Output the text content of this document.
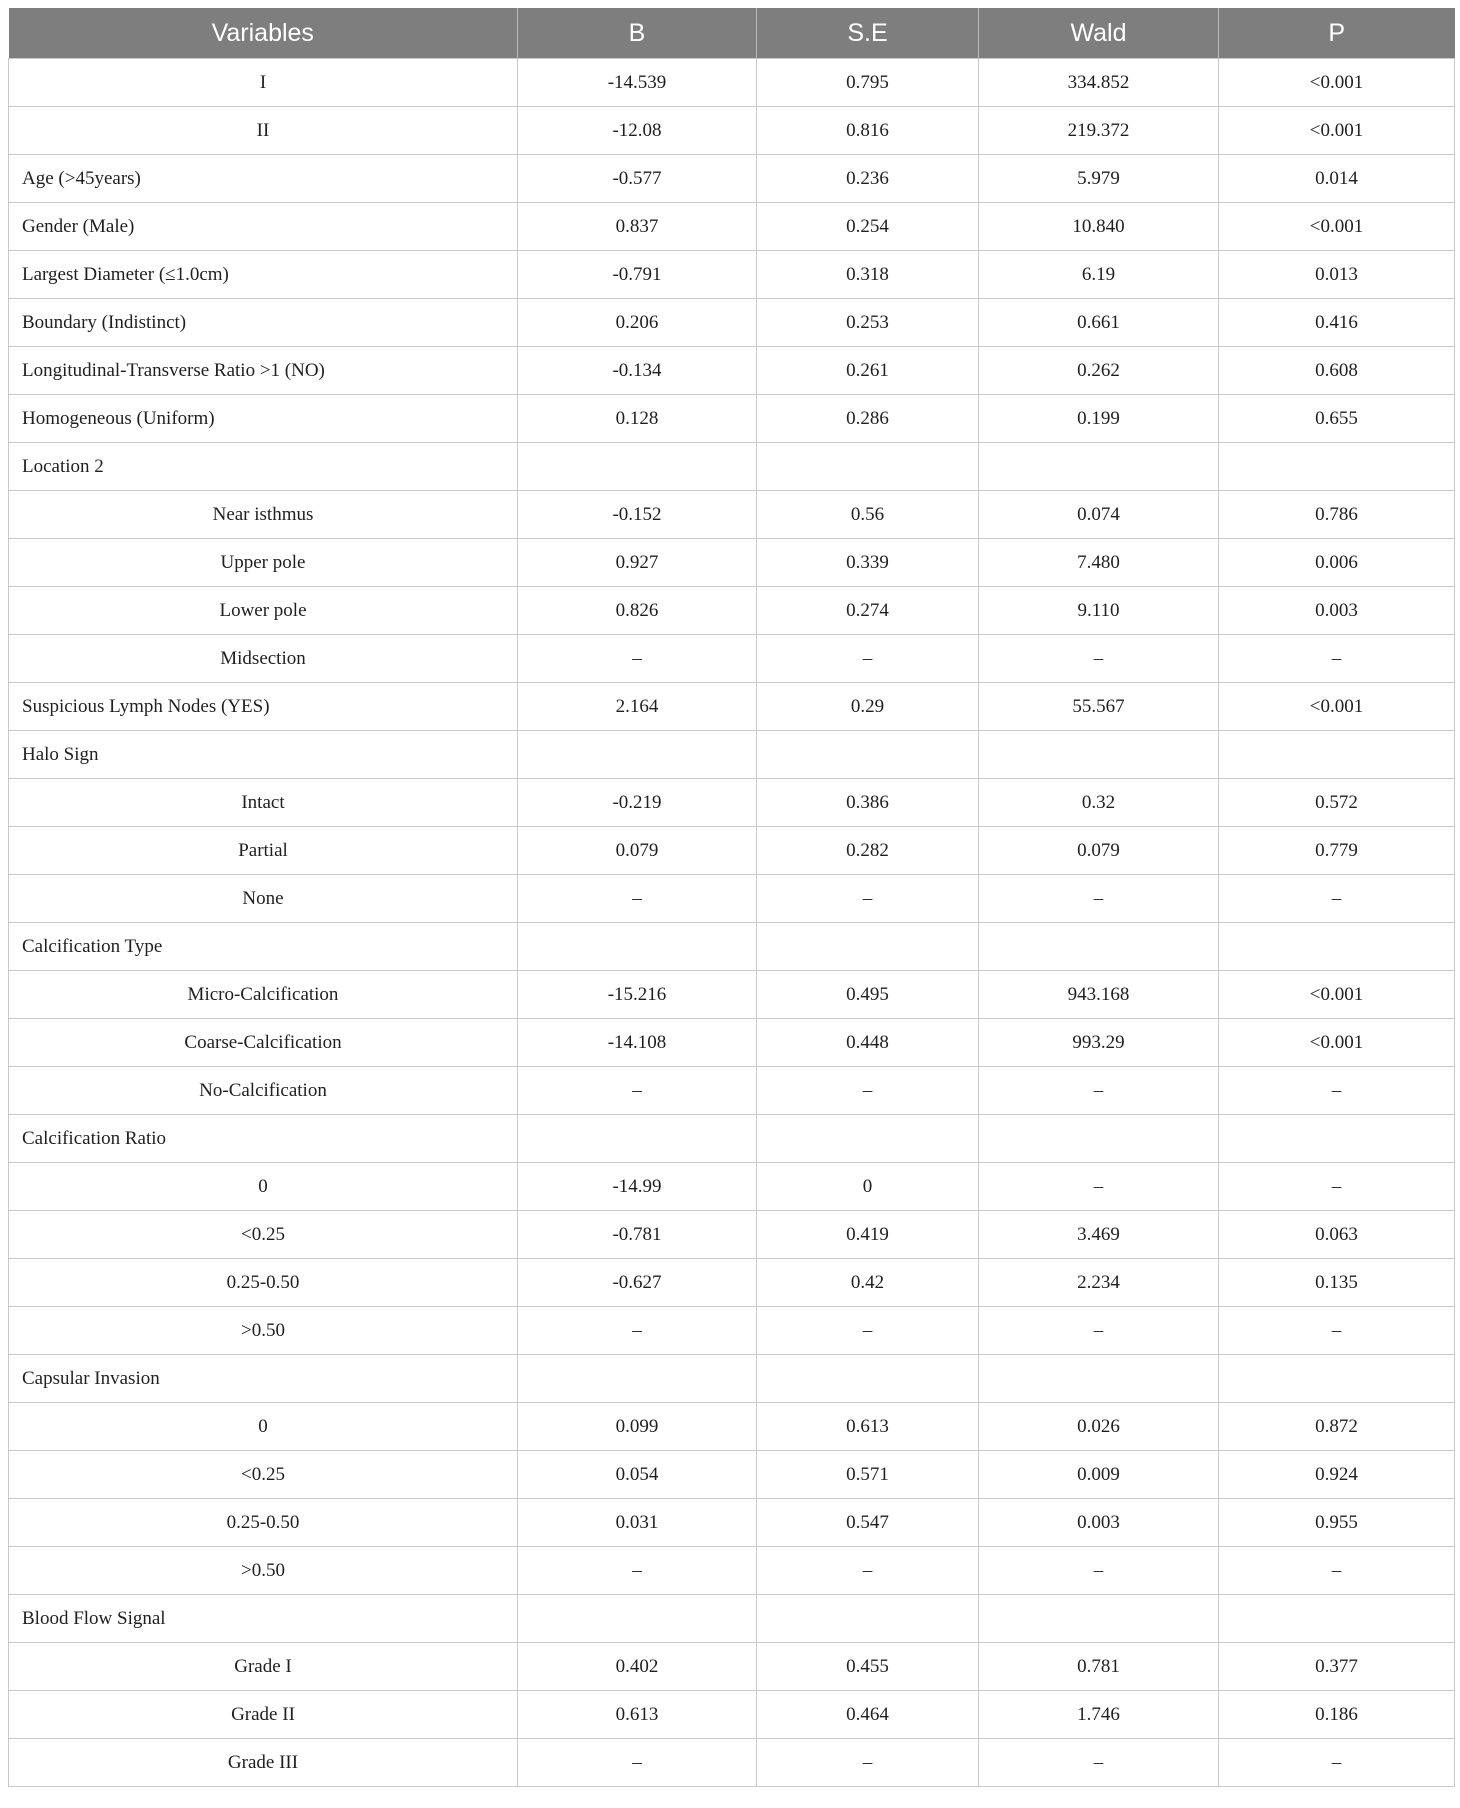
Variables	B	S.E	Wald	P
I	-14.539	0.795	334.852	<0.001
II	-12.08	0.816	219.372	<0.001
Age (>45years)	-0.577	0.236	5.979	0.014
Gender (Male)	0.837	0.254	10.840	<0.001
Largest Diameter (≤1.0cm)	-0.791	0.318	6.19	0.013
Boundary (Indistinct)	0.206	0.253	0.661	0.416
Longitudinal-Transverse Ratio >1 (NO)	-0.134	0.261	0.262	0.608
Homogeneous (Uniform)	0.128	0.286	0.199	0.655
Location 2				
Near isthmus	-0.152	0.56	0.074	0.786
Upper pole	0.927	0.339	7.480	0.006
Lower pole	0.826	0.274	9.110	0.003
Midsection	–	–	–	–
Suspicious Lymph Nodes (YES)	2.164	0.29	55.567	<0.001
Halo Sign				
Intact	-0.219	0.386	0.32	0.572
Partial	0.079	0.282	0.079	0.779
None	–	–	–	–
Calcification Type				
Micro-Calcification	-15.216	0.495	943.168	<0.001
Coarse-Calcification	-14.108	0.448	993.29	<0.001
No-Calcification	–	–	–	–
Calcification Ratio				
0	-14.99	0	–	–
<0.25	-0.781	0.419	3.469	0.063
0.25-0.50	-0.627	0.42	2.234	0.135
>0.50	–	–	–	–
Capsular Invasion				
0	0.099	0.613	0.026	0.872
<0.25	0.054	0.571	0.009	0.924
0.25-0.50	0.031	0.547	0.003	0.955
>0.50	–	–	–	–
Blood Flow Signal				
Grade I	0.402	0.455	0.781	0.377
Grade II	0.613	0.464	1.746	0.186
Grade III	–	–	–	–
